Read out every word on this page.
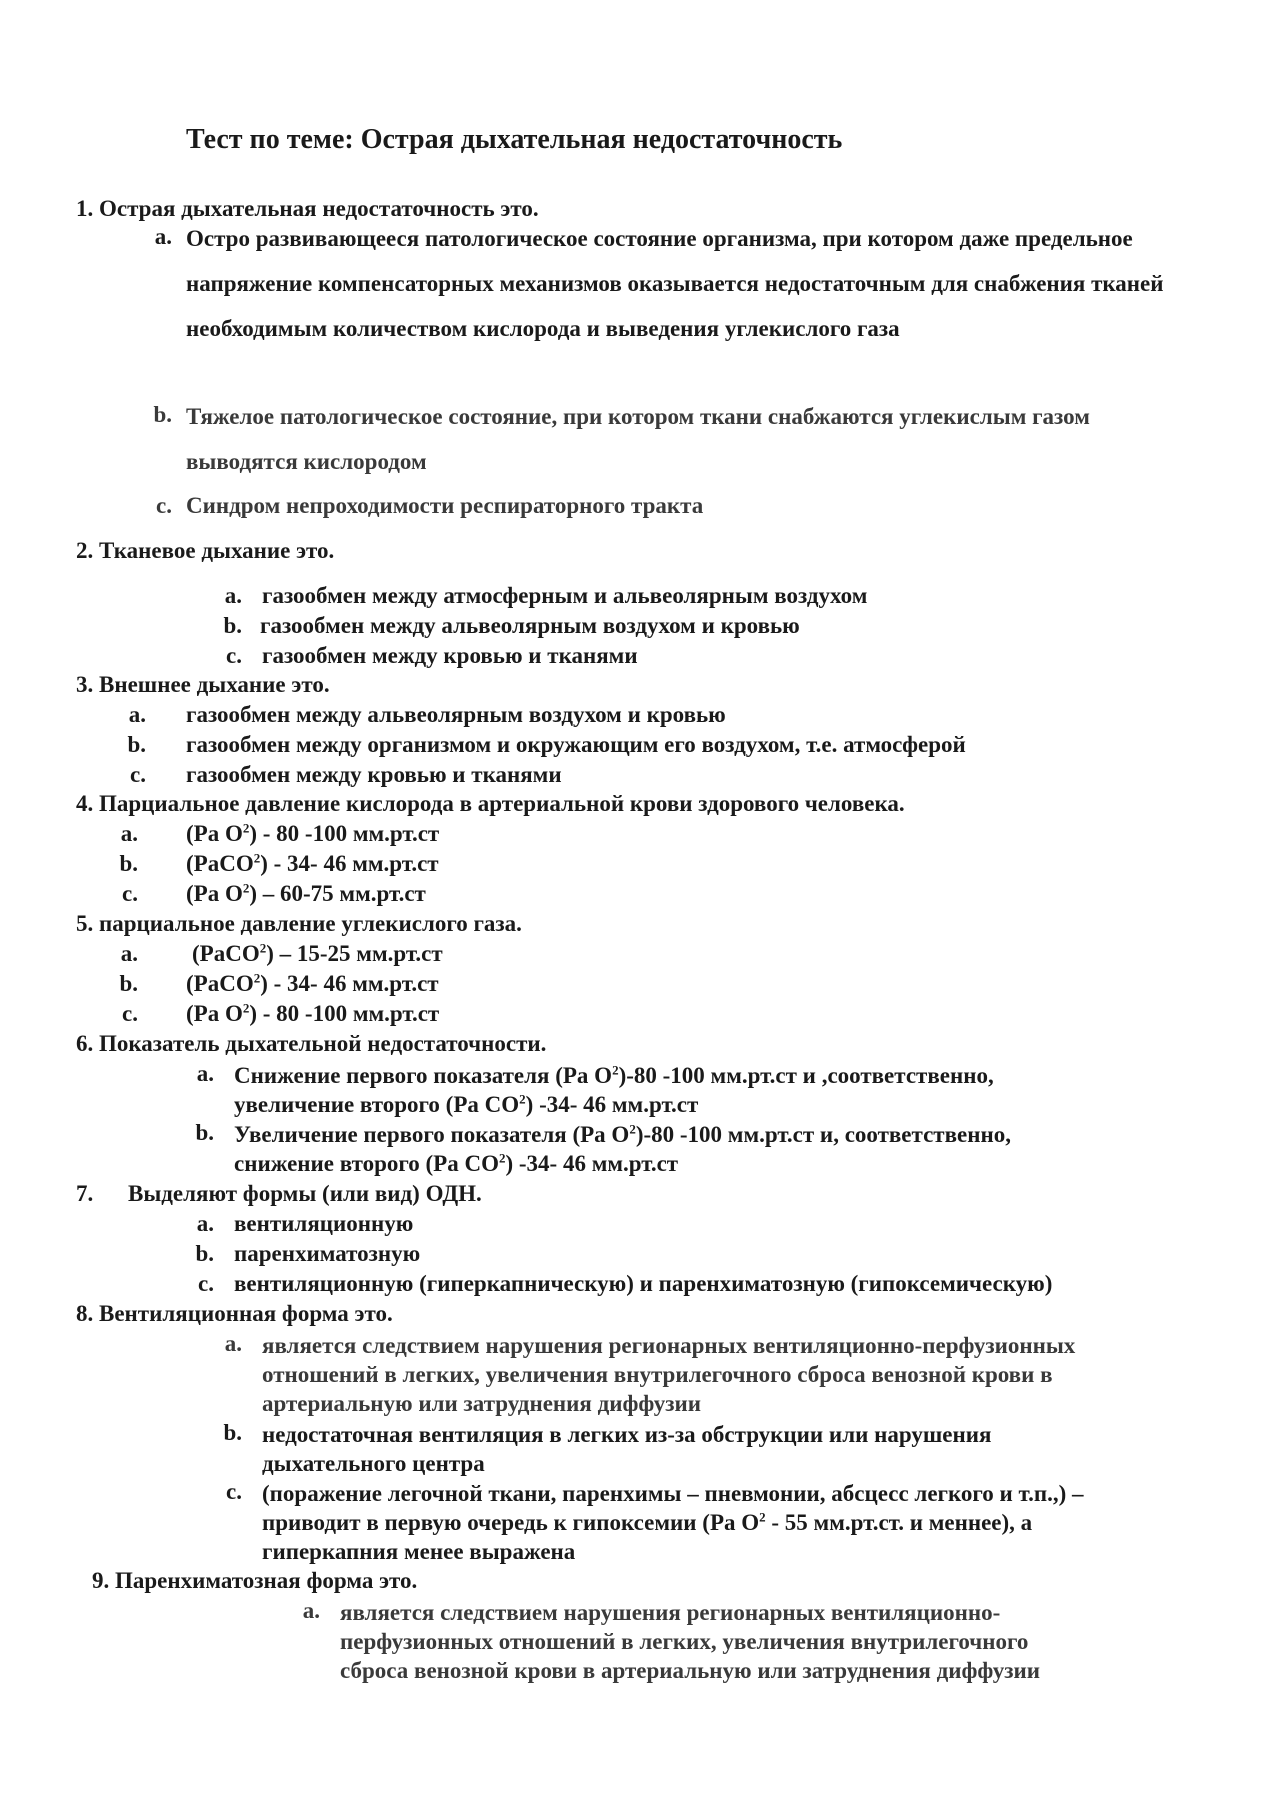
Тест по теме: Острая дыхательная недостаточность
1. Острая дыхательная недостаточность это.
a. Остро развивающееся патологическое состояние организма, при котором даже предельное напряжение компенсаторных механизмов оказывается недостаточным для снабжения тканей необходимым количеством кислорода и выведения углекислого газа
b. Тяжелое патологическое состояние, при котором ткани снабжаются углекислым газом выводятся кислородом
c. Синдром непроходимости респираторного тракта
2. Тканевое дыхание это.
a. газообмен между атмосферным и альвеолярным воздухом
b. газообмен между альвеолярным воздухом и кровью
c. газообмен между кровью и тканями
3. Внешнее дыхание это.
a. газообмен между альвеолярным воздухом и кровью
b. газообмен между организмом и окружающим его воздухом, т.е. атмосферой
c. газообмен между кровью и тканями
4. Парциальное давление кислорода в артериальной крови здорового человека.
a. (Ра $О^2) - 80$ -100 мм.рт.ст
b. (РаСО$^2$) - 34- 46 мм.рт.ст
c. (Ра $О^2) - 60-75$ мм.рт.ст
5. парциальное давление углекислого газа.
a. (РаСО$^2$) – 15-25 мм.рт.ст
b. (РаСО$^2$) - 34- 46 мм.рт.ст
c. (Ра $О^2) - 80$ -100 мм.рт.ст
6. Показатель дыхательной недостаточности.
a. Снижение первого показателя (Ра $О^2)-80$ -100 мм.рт.ст и ,соответственно,
увеличение второго (Ра $СО^2$) -34- 46 мм.рт.ст
b. Увеличение первого показателя (Ра $О^2)-80$ -100 мм.рт.ст и, соответственно,
снижение второго (Ра $СО^2$) -34- 46 мм.рт.ст
7. Выделяют формы (или вид) ОДН.
a. вентиляционную
b. паренхиматозную
c. вентиляционную (гиперкапническую) и паренхиматозную (гипоксемическую)
8. Вентиляционная форма это.
a. является следствием нарушения регионарных вентиляционно-перфузионных
отношений в легких, увеличения внутрилегочного сброса венозной крови в
артериальную или затруднения диффузии
b. недостаточная вентиляция в легких из-за обструкции или нарушения
дыхательного центра
c. (поражение легочной ткани, паренхимы – пневмонии, абсцесс легкого и т.п.,) –
приводит в первую очередь к гипоксемии (Ра $О^2 - 55$ мм.рт.ст. и меннее), а
гиперкапния менее выражена
9. Паренхиматозная форма это.
a. является следствием нарушения регионарных вентиляционно-
перфузионных отношений в легких, увеличения внутрилегочного
сброса венозной крови в артериальную или затруднения диффузии
